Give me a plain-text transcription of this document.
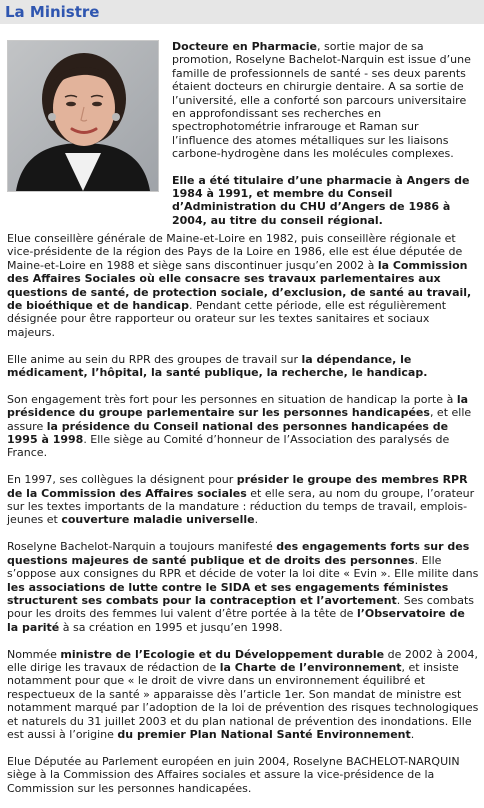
La Ministre

Docteure en Pharmacie, sortie major de sa promotion, Roselyne Bachelot-Narquin est issue d’une famille de professionnels de santé - ses deux parents étaient docteurs en chirurgie dentaire. A sa sortie de l’université, elle a conforté son parcours universitaire en approfondissant ses recherches en spectrophotométrie infrarouge et Raman sur l’influence des atomes métalliques sur les liaisons carbone-hydrogène dans les molécules complexes.

Elle a été titulaire d’une pharmacie à Angers de 1984 à 1991, et membre du Conseil d’Administration du CHU d’Angers de 1986 à 2004, au titre du conseil régional.

Elue conseillère générale de Maine-et-Loire en 1982, puis conseillère régionale et vice-présidente de la région des Pays de la Loire en 1986, elle est élue députée de Maine-et-Loire en 1988 et siège sans discontinuer jusqu’en 2002 à la Commission des Affaires Sociales où elle consacre ses travaux parlementaires aux questions de santé, de protection sociale, d’exclusion, de santé au travail, de bioéthique et de handicap. Pendant cette période, elle est régulièrement désignée pour être rapporteur ou orateur sur les textes sanitaires et sociaux majeurs.

Elle anime au sein du RPR des groupes de travail sur la dépendance, le médicament, l’hôpital, la santé publique, la recherche, le handicap.

Son engagement très fort pour les personnes en situation de handicap la porte à la présidence du groupe parlementaire sur les personnes handicapées, et elle assure la présidence du Conseil national des personnes handicapées de 1995 à 1998. Elle siège au Comité d’honneur de l’Association des paralysés de France.

En 1997, ses collègues la désignent pour présider le groupe des membres RPR de la Commission des Affaires sociales et elle sera, au nom du groupe, l’orateur sur les textes importants de la mandature : réduction du temps de travail, emplois-jeunes et couverture maladie universelle.

Roselyne Bachelot-Narquin a toujours manifesté des engagements forts sur des questions majeures de santé publique et de droits des personnes. Elle s’oppose aux consignes du RPR et décide de voter la loi dite « Evin ». Elle milite dans les associations de lutte contre le SIDA et ses engagements féministes structurent ses combats pour la contraception et l’avortement. Ses combats pour les droits des femmes lui valent d’être portée à la tête de l’Observatoire de la parité à sa création en 1995 et jusqu’en 1998.

Nommée ministre de l’Ecologie et du Développement durable de 2002 à 2004, elle dirige les travaux de rédaction de la Charte de l’environnement, et insiste notamment pour que « le droit de vivre dans un environnement équilibré et respectueux de la santé » apparaisse dès l’article 1er. Son mandat de ministre est notamment marqué par l’adoption de la loi de prévention des risques technologiques et naturels du 31 juillet 2003 et du plan national de prévention des inondations. Elle est aussi à l’origine du premier Plan National Santé Environnement.

Elue Députée au Parlement européen en juin 2004, Roselyne BACHELOT-NARQUIN siège à la Commission des Affaires sociales et assure la vice-présidence de la Commission sur les personnes handicapées.
